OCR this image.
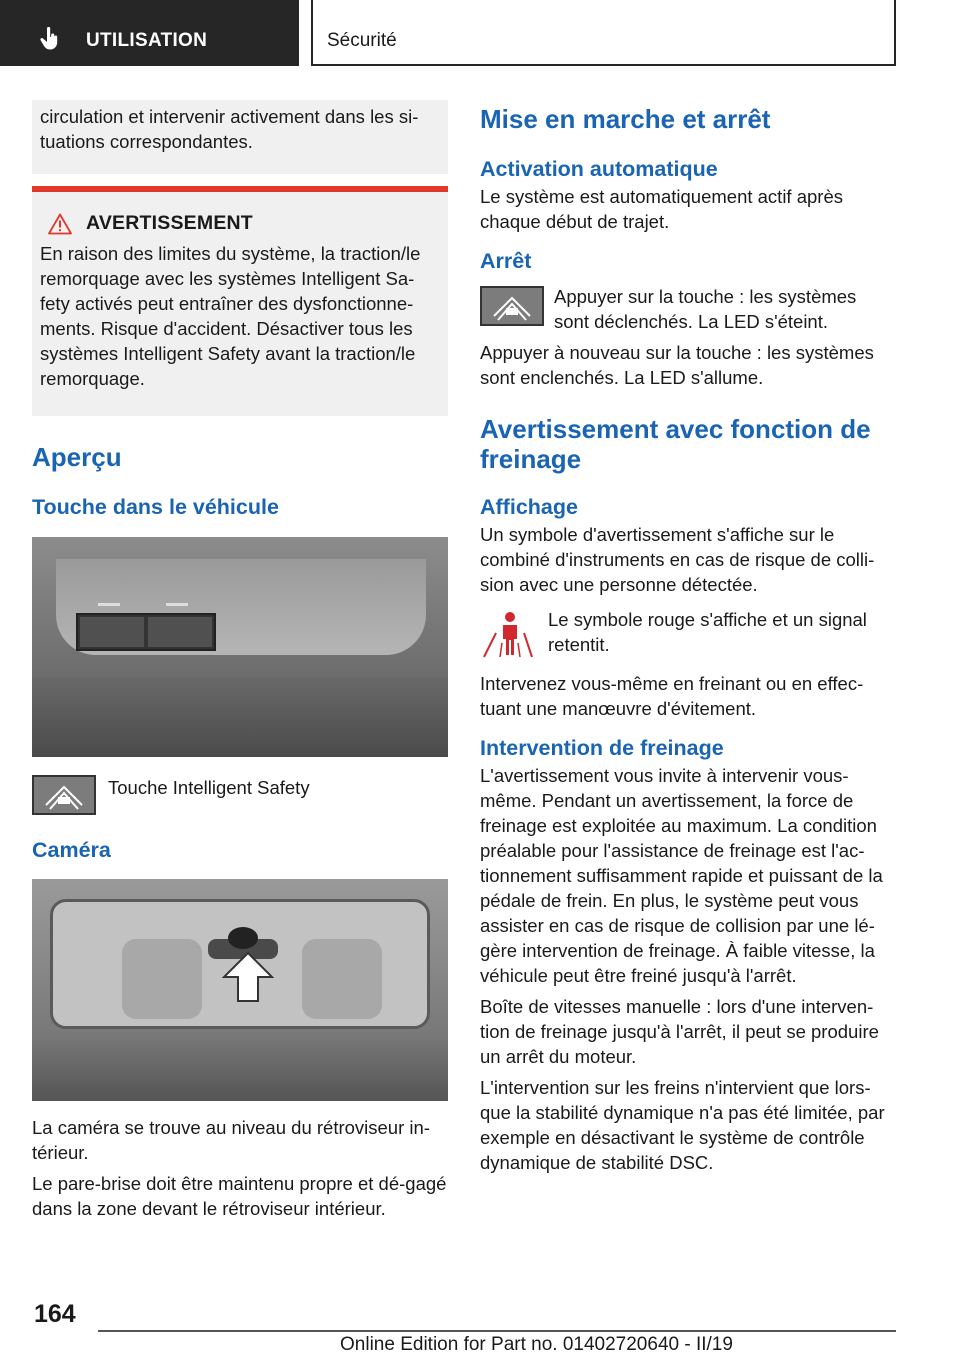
UTILISATION	Sécurité

circulation et intervenir activement dans les si-tuations correspondantes.

AVERTISSEMENT

En raison des limites du système, la traction/le remorquage avec les systèmes Intelligent Sa-fety activés peut entraîner des dysfonctionne-ments. Risque d'accident. Désactiver tous les systèmes Intelligent Safety avant la traction/le remorquage.

Aperçu
Touche dans le véhicule

Touche Intelligent Safety

Caméra

La caméra se trouve au niveau du rétroviseur in-térieur.

Le pare-brise doit être maintenu propre et dé-gagé dans la zone devant le rétroviseur intérieur.

Mise en marche et arrêt
Activation automatique

Le système est automatiquement actif après chaque début de trajet.

Arrêt

Appuyer sur la touche : les systèmes sont déclenchés. La LED s'éteint.

Appuyer à nouveau sur la touche : les systèmes sont enclenchés. La LED s'allume.

Avertissement avec fonction de freinage
Affichage

Un symbole d'avertissement s'affiche sur le combiné d'instruments en cas de risque de colli-sion avec une personne détectée.

Le symbole rouge s'affiche et un signal retentit.

Intervenez vous-même en freinant ou en effec-tuant une manœuvre d'évitement.

Intervention de freinage

L'avertissement vous invite à intervenir vous-même. Pendant un avertissement, la force de freinage est exploitée au maximum. La condition préalable pour l'assistance de freinage est l'ac-tionnement suffisamment rapide et puissant de la pédale de frein. En plus, le système peut vous assister en cas de risque de collision par une lé-gère intervention de freinage. À faible vitesse, la véhicule peut être freiné jusqu'à l'arrêt.

Boîte de vitesses manuelle : lors d'une interven-tion de freinage jusqu'à l'arrêt, il peut se produire un arrêt du moteur.

L'intervention sur les freins n'intervient que lors-que la stabilité dynamique n'a pas été limitée, par exemple en désactivant le système de contrôle dynamique de stabilité DSC.

164
Online Edition for Part no. 01402720640 - II/19
